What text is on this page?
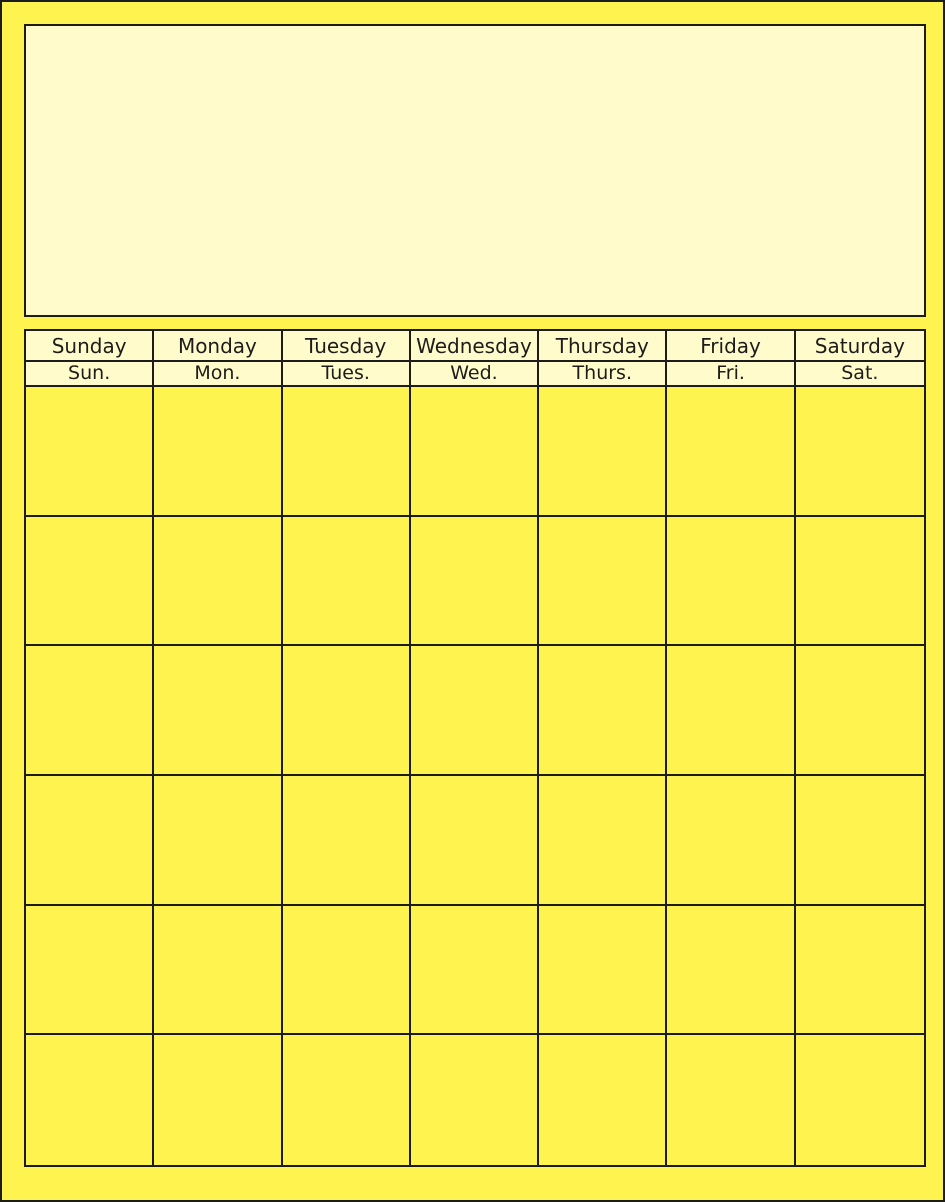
Sunday	Monday	Tuesday	Wednesday	Thursday	Friday	Saturday
Sun.	Mon.	Tues.	Wed.	Thurs.	Fri.	Sat.
